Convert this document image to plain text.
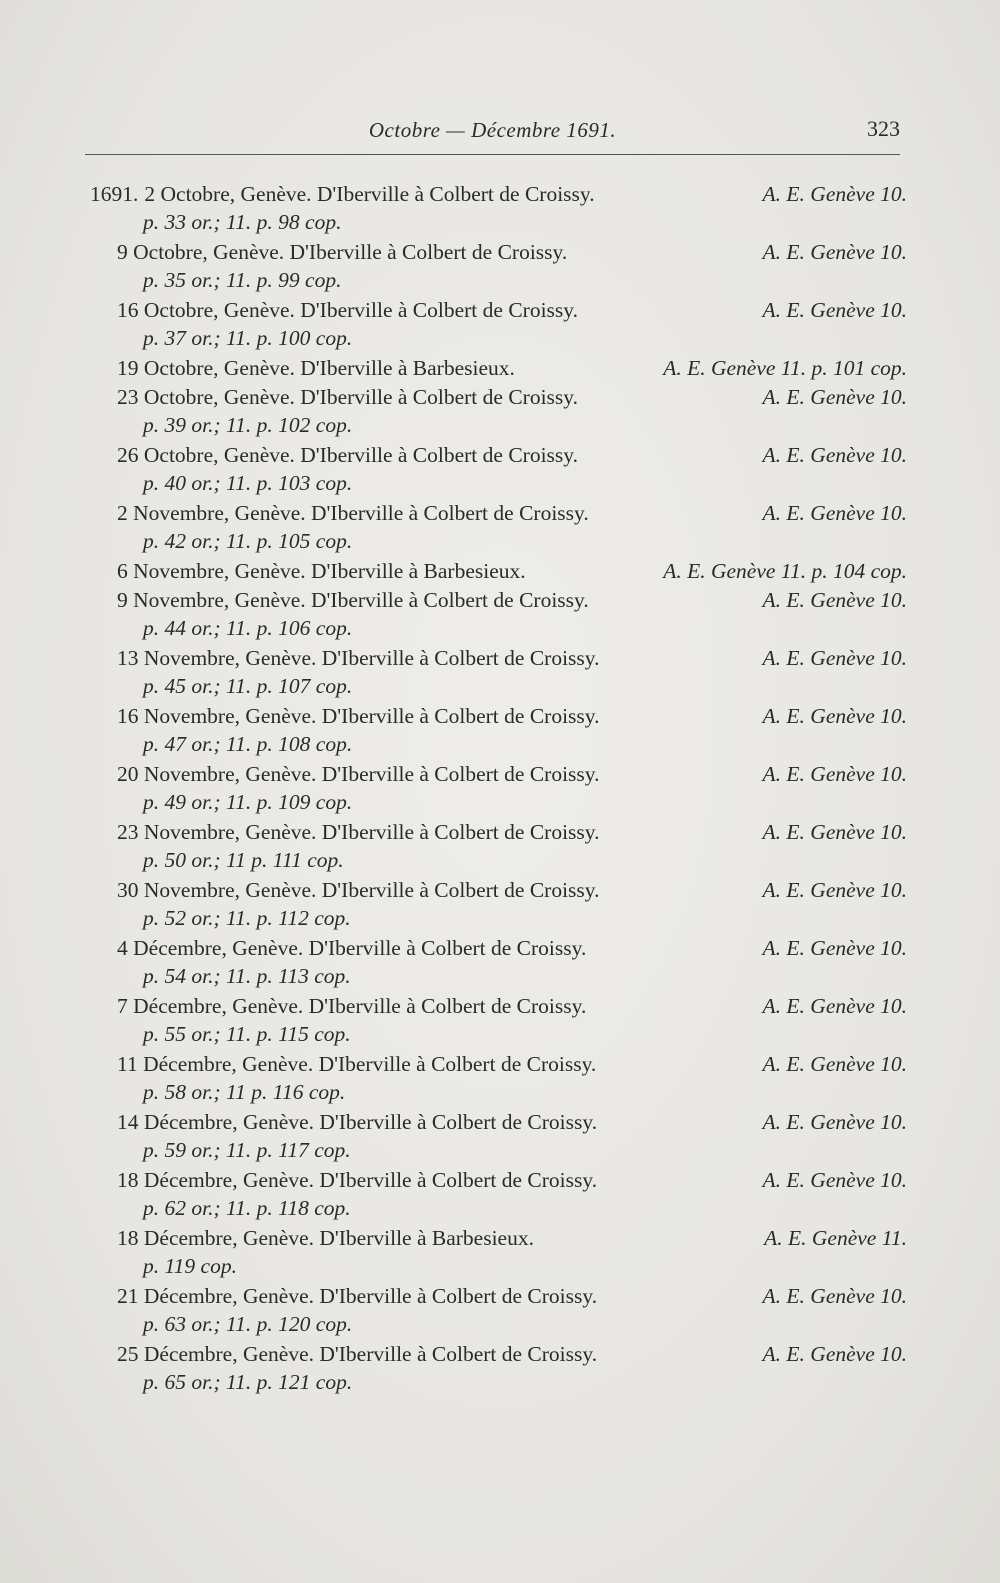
Octobre — Décembre 1691.	323
1691. 2 Octobre, Genève. D'Iberville à Colbert de Croissy.	A. E. Genève 10.
p. 33 or.; 11. p. 98 cop.
9 Octobre, Genève. D'Iberville à Colbert de Croissy.	A. E. Genève 10.
p. 35 or.; 11. p. 99 cop.
16 Octobre, Genève. D'Iberville à Colbert de Croissy.	A. E. Genève 10.
p. 37 or.; 11. p. 100 cop.
19 Octobre, Genève. D'Iberville à Barbesieux.	A. E. Genève 11. p. 101 cop.
23 Octobre, Genève. D'Iberville à Colbert de Croissy.	A. E. Genève 10.
p. 39 or.; 11. p. 102 cop.
26 Octobre, Genève. D'Iberville à Colbert de Croissy.	A. E. Genève 10.
p. 40 or.; 11. p. 103 cop.
2 Novembre, Genève. D'Iberville à Colbert de Croissy.	A. E. Genève 10.
p. 42 or.; 11. p. 105 cop.
6 Novembre, Genève. D'Iberville à Barbesieux.	A. E. Genève 11. p. 104 cop.
9 Novembre, Genève. D'Iberville à Colbert de Croissy.	A. E. Genève 10.
p. 44 or.; 11. p. 106 cop.
13 Novembre, Genève. D'Iberville à Colbert de Croissy.	A. E. Genève 10.
p. 45 or.; 11. p. 107 cop.
16 Novembre, Genève. D'Iberville à Colbert de Croissy.	A. E. Genève 10.
p. 47 or.; 11. p. 108 cop.
20 Novembre, Genève. D'Iberville à Colbert de Croissy.	A. E. Genève 10.
p. 49 or.; 11. p. 109 cop.
23 Novembre, Genève. D'Iberville à Colbert de Croissy.	A. E. Genève 10.
p. 50 or.; 11 p. 111 cop.
30 Novembre, Genève. D'Iberville à Colbert de Croissy.	A. E. Genève 10.
p. 52 or.; 11. p. 112 cop.
4 Décembre, Genève. D'Iberville à Colbert de Croissy.	A. E. Genève 10.
p. 54 or.; 11. p. 113 cop.
7 Décembre, Genève. D'Iberville à Colbert de Croissy.	A. E. Genève 10.
p. 55 or.; 11. p. 115 cop.
11 Décembre, Genève. D'Iberville à Colbert de Croissy.	A. E. Genève 10.
p. 58 or.; 11 p. 116 cop.
14 Décembre, Genève. D'Iberville à Colbert de Croissy.	A. E. Genève 10.
p. 59 or.; 11. p. 117 cop.
18 Décembre, Genève. D'Iberville à Colbert de Croissy.	A. E. Genève 10.
p. 62 or.; 11. p. 118 cop.
18 Décembre, Genève. D'Iberville à Barbesieux.	A. E. Genève 11.
p. 119 cop.
21 Décembre, Genève. D'Iberville à Colbert de Croissy.	A. E. Genève 10.
p. 63 or.; 11. p. 120 cop.
25 Décembre, Genève. D'Iberville à Colbert de Croissy.	A. E. Genève 10.
p. 65 or.; 11. p. 121 cop.
